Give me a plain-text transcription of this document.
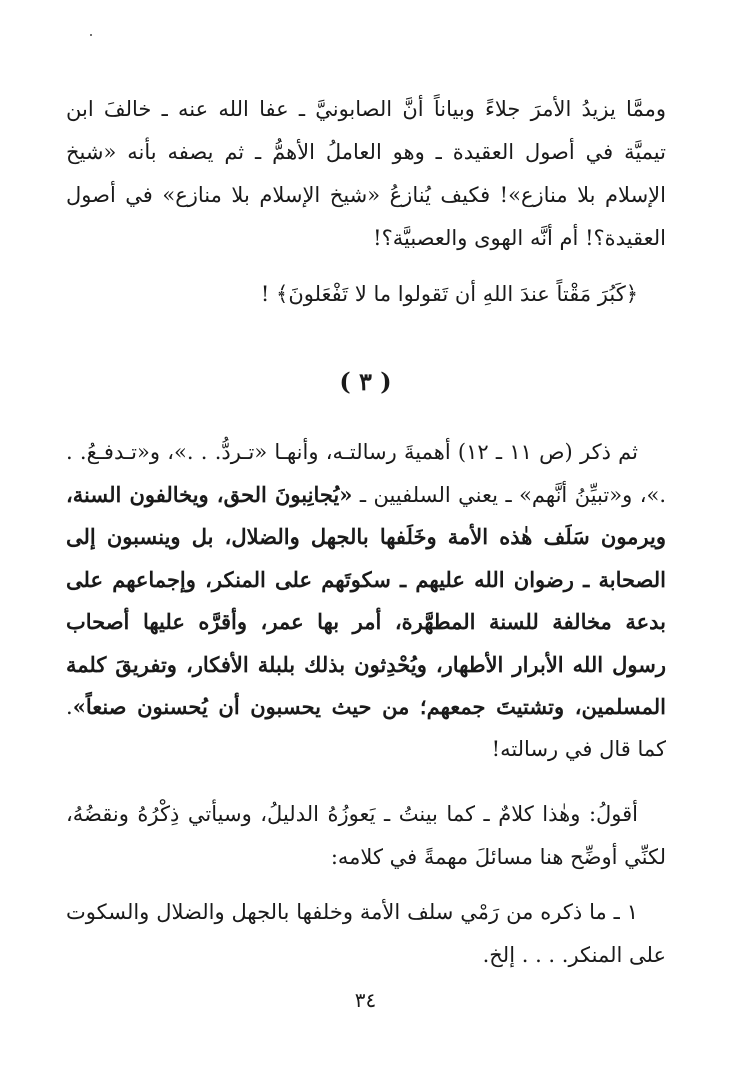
وممَّا يزيدُ الأمرَ جلاءً وبياناً أنَّ الصابونيَّ ـ عفا الله عنه ـ خالفَ ابن تيميَّة في أصول العقيدة ـ وهو العاملُ الأهمُّ ـ ثم يصفه بأنه «شيخ الإسلام بلا منازع»! فكيف يُنازعُ «شيخ الإسلام بلا منازع» في أصول العقيدة؟! أم أنَّه الهوى والعصبيَّة؟!

﴿كَبُرَ مَقْتاً عندَ اللهِ أن تَقولوا ما لا تَفْعَلونَ﴾ !

( ٣ )

ثم ذكر (ص ١١ ـ ١٢) أهميةَ رسالتـه، وأنهـا «تـردُّ. . .»، و«تـدفـعُ. . .»، و«تبيِّنُ أنَّهم» ـ يعني السلفيين ـ «يُجانِبونَ الحق، ويخالفون السنة، ويرمون سَلَف هٰذه الأمة وخَلَفها بالجهل والضلال، بل وينسبون إلى الصحابة ـ رضوان الله عليهم ـ سكوتَهم على المنكر، وإجماعهم على بدعة مخالفة للسنة المطهَّرة، أمر بها عمر، وأقرَّه عليها أصحاب رسول الله الأبرار الأطهار، ويُحْدِثون بذلك بلبلة الأفكار، وتفريقَ كلمة المسلمين، وتشتيتَ جمعهم؛ من حيث يحسبون أن يُحسنون صنعاً». كما قال في رسالته!

أقولُ: وهٰذا كلامٌ ـ كما بينتُ ـ يَعوزُهُ الدليلُ، وسيأتي ذِكْرُهُ ونقضُهُ، لكنِّي أوضِّح هنا مسائلَ مهمةً في كلامه:

١ ـ ما ذكره من رَمْي سلف الأمة وخلفها بالجهل والضلال والسكوت على المنكر. . . . إلخ.

٣٤
